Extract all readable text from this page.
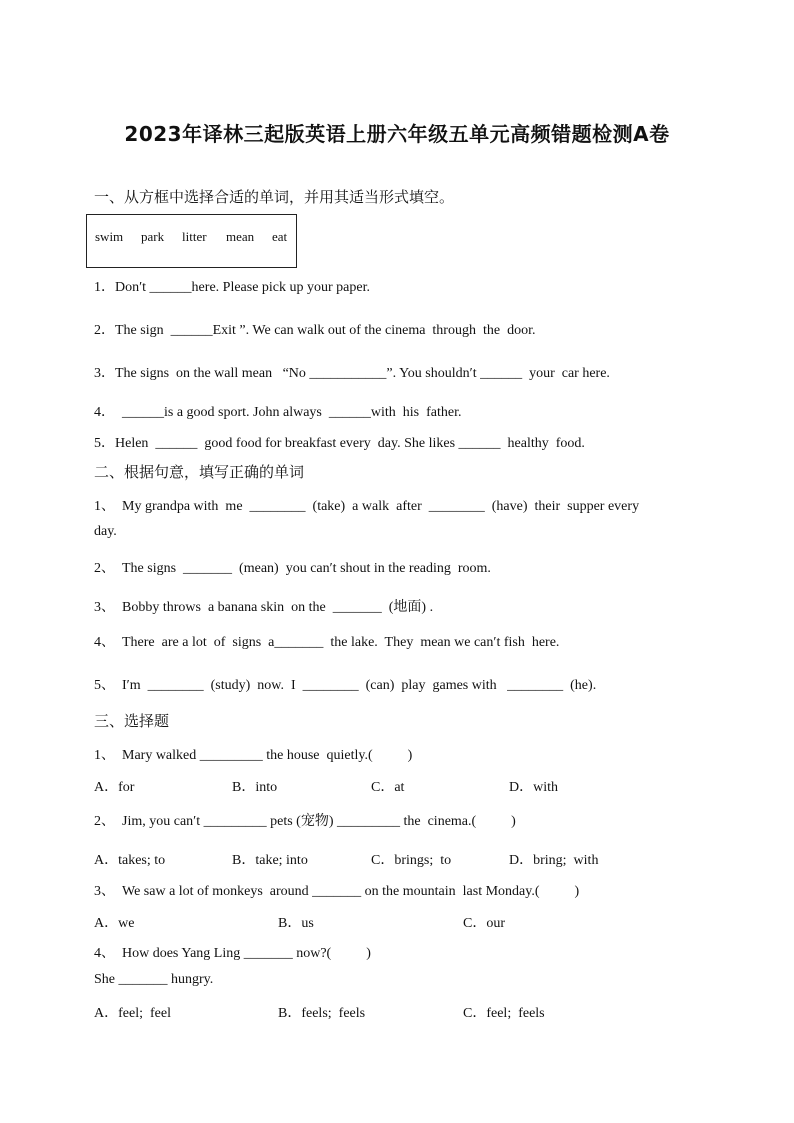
2023年译林三起版英语上册六年级五单元高频错题检测A卷
一、从方框中选择合适的单词，并用其适当形式填空。
swim park litter mean eat
1．Don′t ______here. Please pick up your paper.
2．The sign  ______Exit ”. We can walk out of the cinema  through  the  door.
3．The signs  on the wall mean   “No ___________”. You shouldn′t ______  your  car here.
4．  ______is a good sport. John always  ______with  his  father.
5．Helen  ______  good food for breakfast every  day. She likes ______  healthy  food.
二、根据句意，填写正确的单词
1、  My grandpa with  me  ________  (take)  a walk  after  ________  (have)  their  supper every
day.
2、  The signs  _______  (mean)  you can′t shout in the reading  room.
3、  Bobby throws  a banana skin  on the  _______  (地面) .
4、  There  are a lot  of  signs  a_______  the lake.  They  mean we can′t fish  here.
5、  I′m  ________  (study)  now.  I  ________  (can)  play  games with   ________  (he).
三、选择题
1、  Mary walked _________ the house  quietly.(          )
A．for	B．into	C．at	D．with
2、  Jim, you can′t _________ pets (宠物) _________ the  cinema.(          )
A．takes; to	B．take; into	C．brings;  to	D．bring;  with
3、  We saw a lot of monkeys  around _______ on the mountain  last Monday.(          )
A．we	B．us	C．our
4、  How does Yang Ling _______ now?(          )
She _______ hungry.
A．feel;  feel	B．feels;  feels	C．feel;  feels
